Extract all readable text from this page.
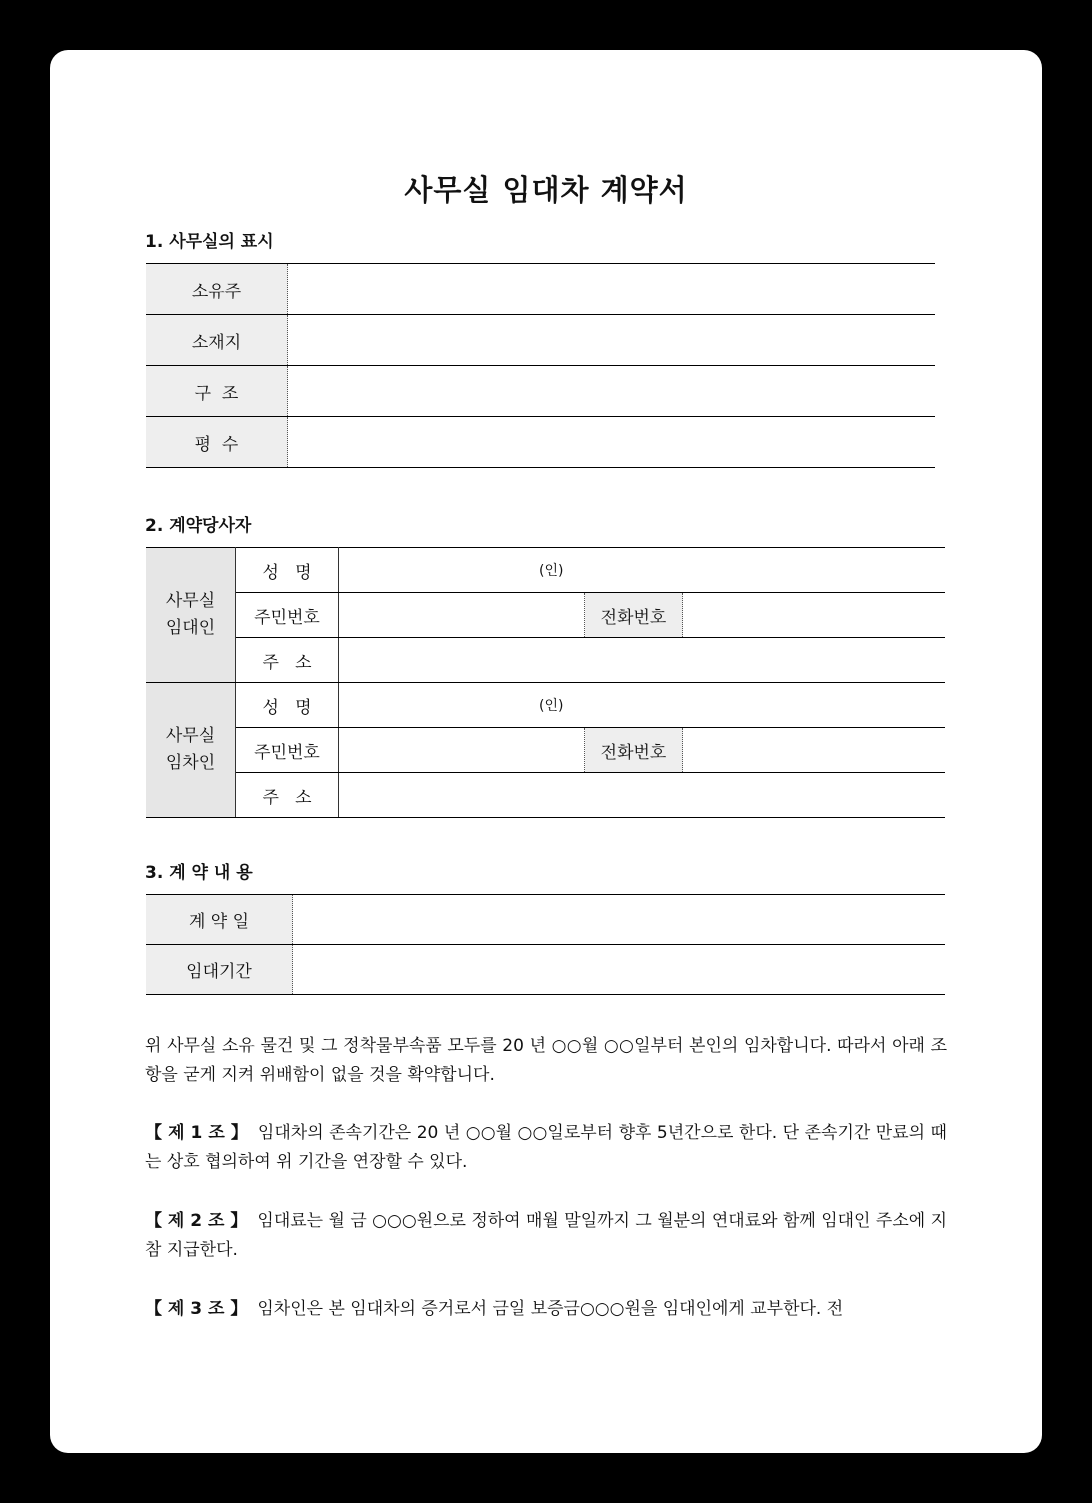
사무실 임대차 계약서
1. 사무실의 표시
소유주	
소재지	
구  조	
평  수	
2. 계약당사자
사무실
임대인	성   명	(인)		

	주민번호		전화번호	
	주   소			
사무실
임차인	성   명	(인)		

	주민번호		전화번호	
	주   소			
3. 계 약 내 용
계 약 일	
임대기간	
위 사무실 소유 물건 및 그 정착물부속품 모두를 20 년 ○○월 ○○일부터 본인의 임차합니다. 따라서 아래 조항을 굳게 지켜 위배함이 없을 것을 확약합니다.
【 제 1 조 】 임대차의 존속기간은 20 년 ○○월 ○○일로부터 향후 5년간으로 한다. 단 존속기간 만료의 때는 상호 협의하여 위 기간을 연장할 수 있다.
【 제 2 조 】 임대료는 월 금 ○○○원으로 정하여 매월 말일까지 그 월분의 연대료와 함께 임대인 주소에 지참 지급한다.
【 제 3 조 】 임차인은 본 임대차의 증거로서 금일 보증금○○○원을 임대인에게 교부한다. 전
